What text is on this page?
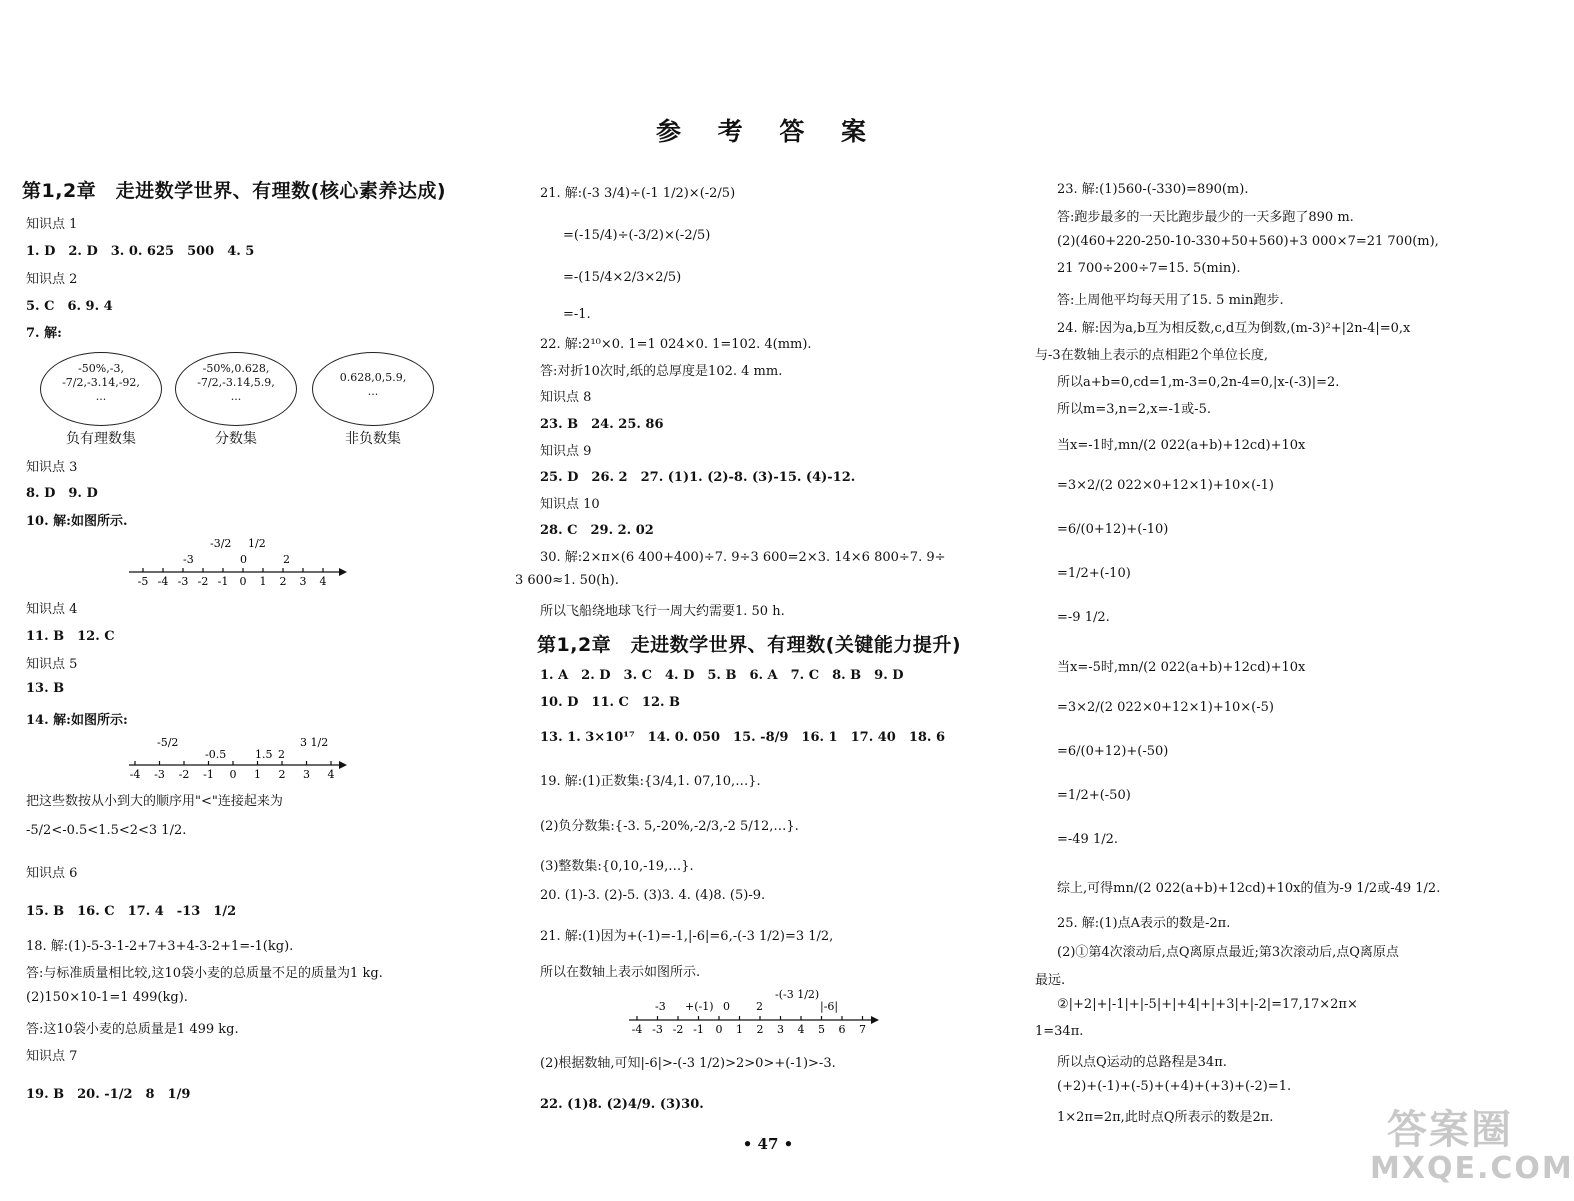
参 考 答 案
第1,2章　走进数学世界、有理数(核心素养达成)
知识点 1
1. D　2. D　3. 0. 625　500　4. 5
知识点 2
5. C　6. 9. 4
7. 解:
-50%,-3,
-7/2,-3.14,-92,
...
负有理数集
-50%,0.628,
-7/2,-3.14,5.9,
...
分数集
0.628,0,5.9,
...
非负数集
知识点 3
8. D　9. D
10. 解:如图所示.
-3
-3/2
0
1/2
2
-5 -4 -3 -2 -1 0 1 2 3 4
知识点 4
11. B　12. C
知识点 5
13. B
14. 解:如图所示:
-5/2
-0.5	1.5 2
3 1/2
-4 -3 -2 -1 0 1 2 3 4
把这些数按从小到大的顺序用"<"连接起来为
-5/2<-0.5<1.5<2<3 1/2.
知识点 6
15. B　16. C　17. 4　-13　1/2
18. 解:(1)-5-3-1-2+7+3+4-3-2+1=-1(kg).
答:与标准质量相比较,这10袋小麦的总质量不足的质量为1 kg.
(2)150×10-1=1 499(kg).
答:这10袋小麦的总质量是1 499 kg.
知识点 7
19. B　20. -1/2　8　1/9
21. 解:(-3 3/4)÷(-1 1/2)×(-2/5)
=(-15/4)÷(-3/2)×(-2/5)
=-(15/4×2/3×2/5)
=-1.
22. 解:2¹⁰×0. 1=1 024×0. 1=102. 4(mm).
答:对折10次时,纸的总厚度是102. 4 mm.
知识点 8
23. B　24. 25. 86
知识点 9
25. D　26. 2　27. (1)1. (2)-8. (3)-15. (4)-12.
知识点 10
28. C　29. 2. 02
30. 解:2×π×(6 400+400)÷7. 9÷3 600=2×3. 14×6 800÷7. 9÷
3 600≈1. 50(h).
所以飞船绕地球飞行一周大约需要1. 50 h.
第1,2章　走进数学世界、有理数(关键能力提升)
1. A　2. D　3. C　4. D　5. B　6. A　7. C　8. B　9. D
10. D　11. C　12. B
13. 1. 3×10¹⁷　14. 0. 050　15. -8/9　16. 1　17. 40　18. 6
19. 解:(1)正数集:{3/4,1. 07,10,…}.
(2)负分数集:{-3. 5,-20%,-2/3,-2 5/12,…}.
(3)整数集:{0,10,-19,…}.
20. (1)-3. (2)-5. (3)3. 4. (4)8. (5)-9.
21. 解:(1)因为+(-1)=-1,|-6|=6,-(-3 1/2)=3 1/2,
所以在数轴上表示如图所示.
-3 +(-1) 0 2
-(-3 1/2)
|-6|
-4 -3 -2 -1 0 1 2 3 4 5 6 7
(2)根据数轴,可知|-6|>-(-3 1/2)>2>0>+(-1)>-3.
22. (1)8. (2)4/9. (3)30.
23. 解:(1)560-(-330)=890(m).
答:跑步最多的一天比跑步最少的一天多跑了890 m.
(2)(460+220-250-10-330+50+560)+3 000×7=21 700(m),
21 700÷200÷7=15. 5(min).
答:上周他平均每天用了15. 5 min跑步.
24. 解:因为a,b互为相反数,c,d互为倒数,(m-3)²+|2n-4|=0,x
与-3在数轴上表示的点相距2个单位长度,
所以a+b=0,cd=1,m-3=0,2n-4=0,|x-(-3)|=2.
所以m=3,n=2,x=-1或-5.
当x=-1时,mn/(2 022(a+b)+12cd)+10x
=3×2/(2 022×0+12×1)+10×(-1)
=6/(0+12)+(-10)
=1/2+(-10)
=-9 1/2.
当x=-5时,mn/(2 022(a+b)+12cd)+10x
=3×2/(2 022×0+12×1)+10×(-5)
=6/(0+12)+(-50)
=1/2+(-50)
=-49 1/2.
综上,可得mn/(2 022(a+b)+12cd)+10x的值为-9 1/2或-49 1/2.
25. 解:(1)点A表示的数是-2π.
(2)①第4次滚动后,点Q离原点最近;第3次滚动后,点Q离原点
最远.
②|+2|+|-1|+|-5|+|+4|+|+3|+|-2|=17,17×2π×
1=34π.
所以点Q运动的总路程是34π.
(+2)+(-1)+(-5)+(+4)+(+3)+(-2)=1.
1×2π=2π,此时点Q所表示的数是2π.
• 47 •	答案圈
MXQE.COM
